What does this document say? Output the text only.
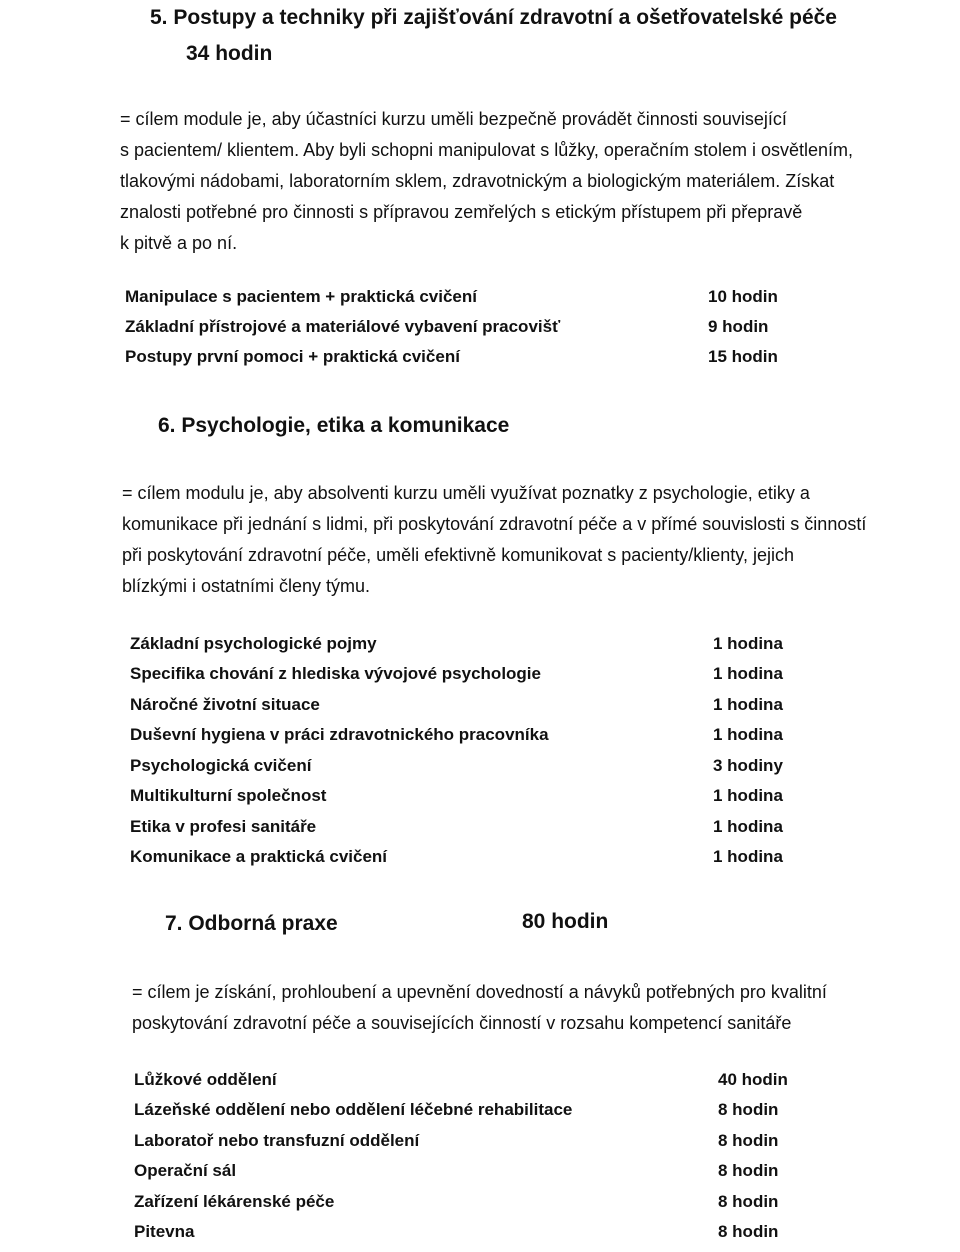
5. Postupy a techniky při zajišťování zdravotní a ošetřovatelské péče
34 hodin
= cílem module je, aby účastníci kurzu uměli bezpečně provádět činnosti související
s pacientem/ klientem. Aby byli schopni manipulovat s lůžky, operačním stolem i osvětlením,
tlakovými nádobami, laboratorním sklem, zdravotnickým a biologickým materiálem. Získat
znalosti potřebné pro činnosti s přípravou zemřelých s etickým přístupem při přepravě
k pitvě a po ní.
Manipulace s pacientem + praktická cvičení	10 hodin
Základní přístrojové a materiálové vybavení pracovišť	9 hodin
Postupy první pomoci + praktická cvičení	15 hodin
6. Psychologie, etika a komunikace
= cílem modulu je, aby absolventi kurzu uměli využívat poznatky z psychologie, etiky a
komunikace při jednání s lidmi, při poskytování zdravotní péče a v přímé souvislosti s činností
při poskytování zdravotní péče, uměli efektivně komunikovat s pacienty/klienty, jejich
blízkými i ostatními členy týmu.
Základní psychologické pojmy	1 hodina
Specifika chování z hlediska vývojové psychologie	1 hodina
Náročné životní situace	1 hodina
Duševní hygiena v práci zdravotnického pracovníka	1 hodina
Psychologická cvičení	3 hodiny
Multikulturní společnost	1 hodina
Etika v profesi sanitáře	1 hodina
Komunikace a praktická cvičení	1 hodina
7. Odborná praxe	80 hodin
= cílem je získání, prohloubení a upevnění dovedností a návyků potřebných pro kvalitní
poskytování zdravotní péče a souvisejících činností v rozsahu kompetencí sanitáře
Lůžkové oddělení	40 hodin
Lázeňské oddělení nebo oddělení léčebné rehabilitace	8 hodin
Laboratoř nebo transfuzní oddělení	8 hodin
Operační sál	8 hodin
Zařízení lékárenské péče	8 hodin
Pitevna	8 hodin
